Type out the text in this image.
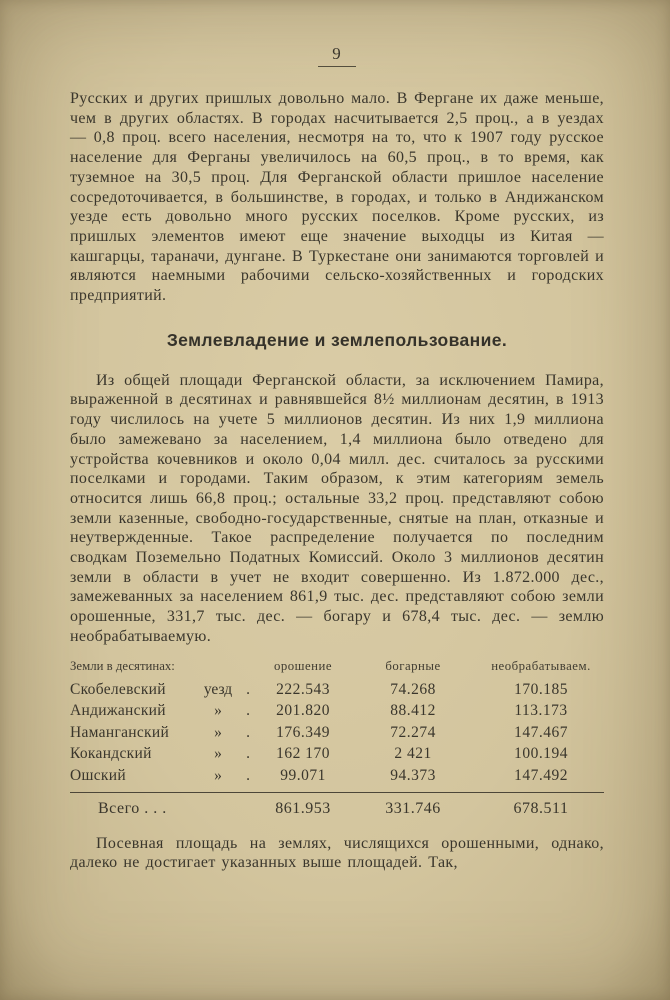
9

Русских и других пришлых довольно мало. В Фергане их даже меньше, чем в других областях. В городах насчитывается 2,5 проц., а в уездах — 0,8 проц. всего населения, несмотря на то, что к 1907 году русское население для Ферганы увеличилось на 60,5 проц., в то время, как туземное на 30,5 проц. Для Ферганской области пришлое население сосредоточивается, в большинстве, в городах, и только в Андижанском уезде есть довольно много русских поселков. Кроме русских, из пришлых элементов имеют еще значение выходцы из Китая — кашгарцы, тараначи, дунгане. В Туркестане они занимаются торговлей и являются наемными рабочими сельско-хозяйственных и городских предприятий.

Землевладение и землепользование.

Из общей площади Ферганской области, за исключением Памира, выраженной в десятинах и равнявшейся 8½ миллионам десятин, в 1913 году числилось на учете 5 миллионов десятин. Из них 1,9 миллиона было замежевано за населением, 1,4 миллиона было отведено для устройства кочевников и около 0,04 милл. дес. считалось за русскими поселками и городами. Таким образом, к этим категориям земель относится лишь 66,8 проц.; остальные 33,2 проц. представляют собою земли казенные, свободно-государственные, снятые на план, отказные и неутвержденные. Такое распределение получается по последним сводкам Поземельно Податных Комиссий. Около 3 миллионов десятин земли в области в учет не входит совершенно. Из 1.872.000 дес., замежеванных за населением 861,9 тыс. дес. представляют собою земли орошенные, 331,7 тыс. дес. — богару и 678,4 тыс. дес. — землю необрабатываемую.

Земли в десятинах:	орошение	богарные	необрабатываем.
Скобелевский	уезд .	222.543	74.268	170.185
Андижанский	»	.	201.820	88.412	113.173
Наманганский	»	.	176.349	72.274	147.467
Кокандский	»	.	162 170	2 421	100.194
Ошский	»	.	99.071	94.373	147.492
Всего . . .	861.953	331.746	678.511

Посевная площадь на землях, числящихся орошенными, однако, далеко не достигает указанных выше площадей. Так,
